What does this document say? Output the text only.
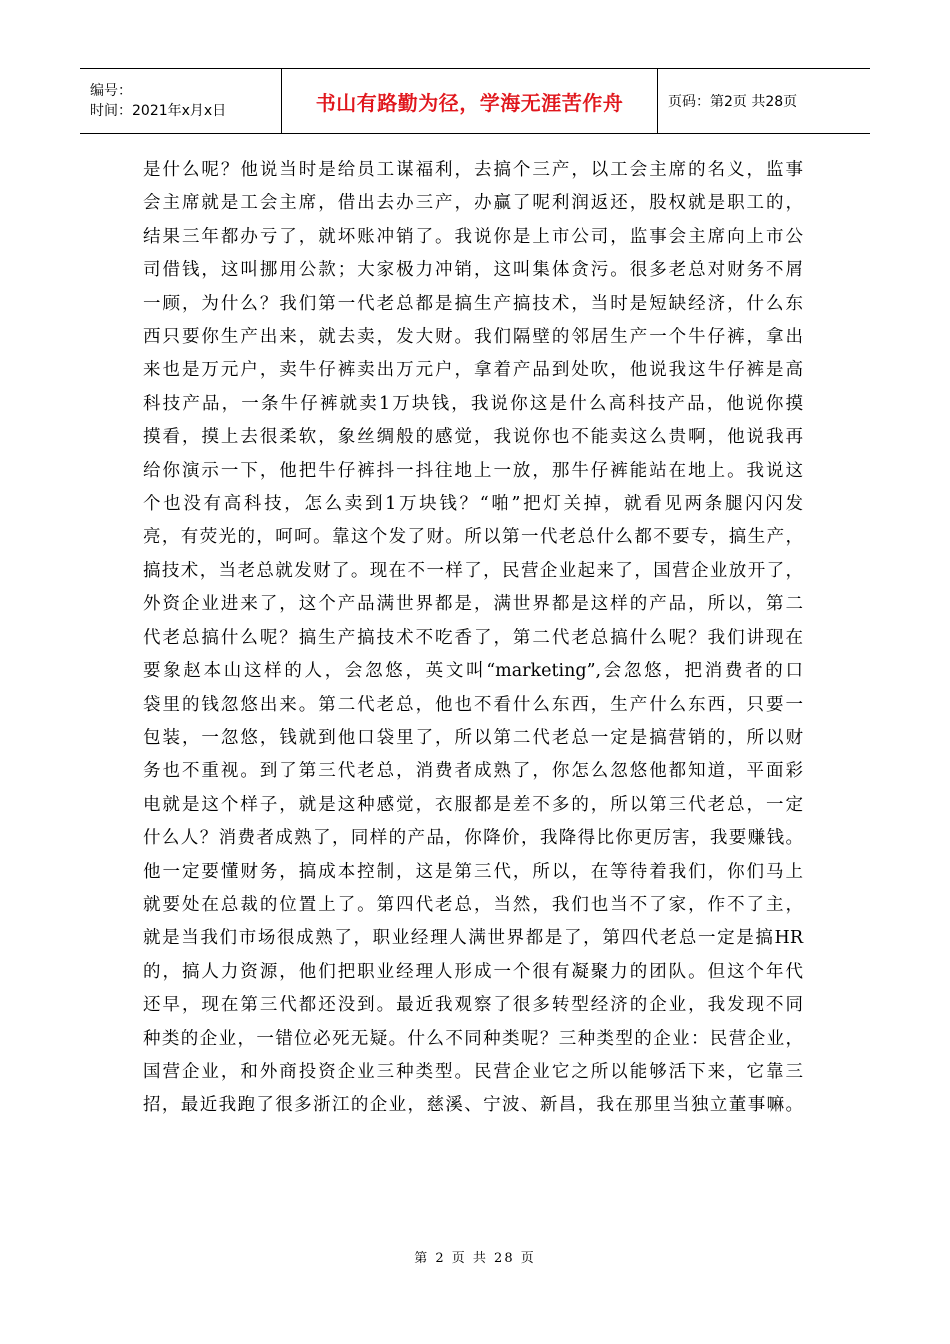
编号：
时间：2021年x月x日	书山有路勤为径，学海无涯苦作舟	页码：第2页 共28页
是什么呢？他说当时是给员工谋福利，去搞个三产，以工会主席的名义，监事
会主席就是工会主席，借出去办三产，办赢了呢利润返还，股权就是职工的，
结果三年都办亏了，就坏账冲销了。我说你是上市公司，监事会主席向上市公
司借钱，这叫挪用公款；大家极力冲销，这叫集体贪污。很多老总对财务不屑
一顾，为什么？我们第一代老总都是搞生产搞技术，当时是短缺经济，什么东
西只要你生产出来，就去卖，发大财。我们隔壁的邻居生产一个牛仔裤，拿出
来也是万元户，卖牛仔裤卖出万元户，拿着产品到处吹，他说我这牛仔裤是高
科技产品，一条牛仔裤就卖1万块钱，我说你这是什么高科技产品，他说你摸
摸看，摸上去很柔软，象丝绸般的感觉，我说你也不能卖这么贵啊，他说我再
给你演示一下，他把牛仔裤抖一抖往地上一放，那牛仔裤能站在地上。我说这
个也没有高科技，怎么卖到1万块钱？“啪”把灯关掉，就看见两条腿闪闪发
亮，有荧光的，呵呵。靠这个发了财。所以第一代老总什么都不要专，搞生产，
搞技术，当老总就发财了。现在不一样了，民营企业起来了，国营企业放开了，
外资企业进来了，这个产品满世界都是，满世界都是这样的产品，所以，第二
代老总搞什么呢？搞生产搞技术不吃香了，第二代老总搞什么呢？我们讲现在
要象赵本山这样的人，会忽悠，英文叫“marketing”,会忽悠，把消费者的口
袋里的钱忽悠出来。第二代老总，他也不看什么东西，生产什么东西，只要一
包装，一忽悠，钱就到他口袋里了，所以第二代老总一定是搞营销的，所以财
务也不重视。到了第三代老总，消费者成熟了，你怎么忽悠他都知道，平面彩
电就是这个样子，就是这种感觉，衣服都是差不多的，所以第三代老总，一定
什么人？消费者成熟了，同样的产品，你降价，我降得比你更厉害，我要赚钱。
他一定要懂财务，搞成本控制，这是第三代，所以，在等待着我们，你们马上
就要处在总裁的位置上了。第四代老总，当然，我们也当不了家，作不了主，
就是当我们市场很成熟了，职业经理人满世界都是了，第四代老总一定是搞HR
的，搞人力资源，他们把职业经理人形成一个很有凝聚力的团队。但这个年代
还早，现在第三代都还没到。最近我观察了很多转型经济的企业，我发现不同
种类的企业，一错位必死无疑。什么不同种类呢？三种类型的企业：民营企业，
国营企业，和外商投资企业三种类型。民营企业它之所以能够活下来，它靠三
招，最近我跑了很多浙江的企业，慈溪、宁波、新昌，我在那里当独立董事嘛。
第 2 页 共 28 页
